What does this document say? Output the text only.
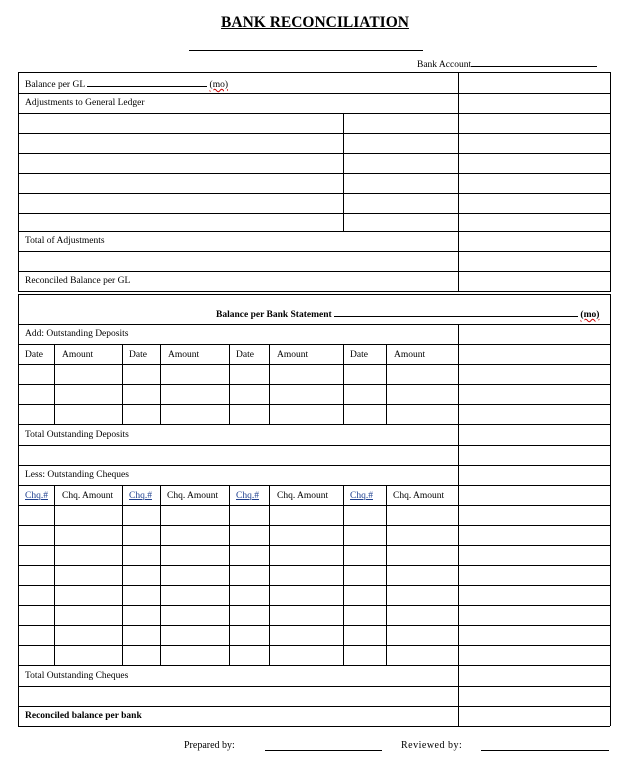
BANK RECONCILIATION
Bank Account
Balance per GL	(mo)
Adjustments to General Ledger
Total of Adjustments
Reconciled Balance per GL
Balance per Bank Statement	(mo)
Add: Outstanding Deposits
Date Amount	Date Amount	Date Amount	Date	Amount
Total Outstanding Deposits
Less: Outstanding Cheques
Chq.# Chq. Amount Chq.# Chq. Amount Chq.# Chq. Amount Chq.# Chq. Amount
Total Outstanding Cheques
Reconciled balance per bank
Prepared by:	Reviewed by:
